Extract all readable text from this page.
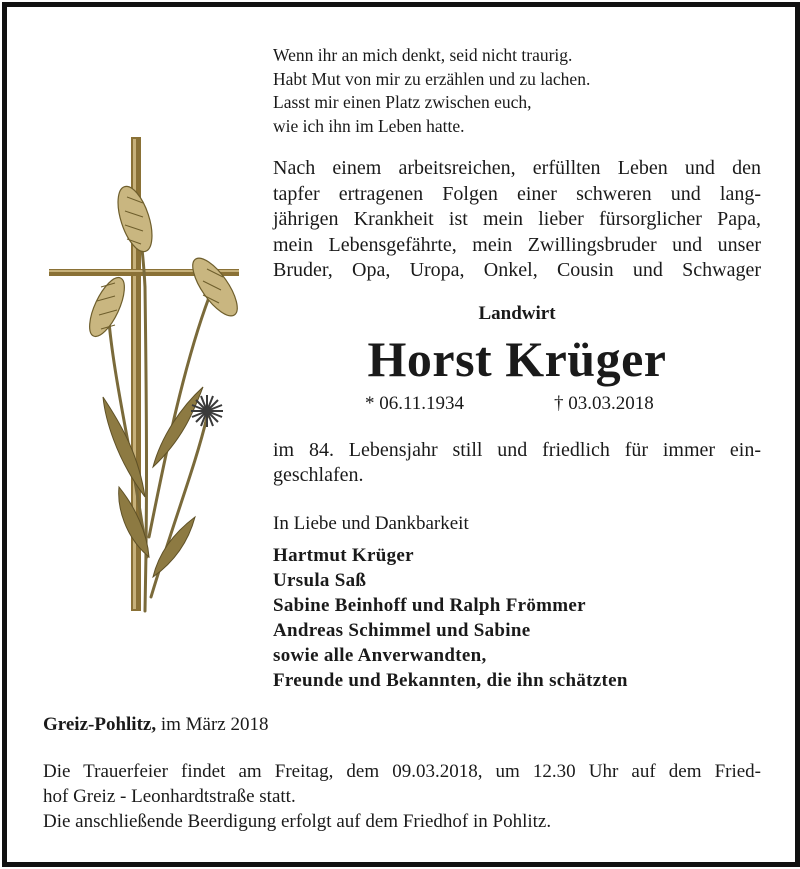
Wenn ihr an mich denkt, seid nicht traurig.
Habt Mut von mir zu erzählen und zu lachen.
Lasst mir einen Platz zwischen euch,
wie ich ihn im Leben hatte.
Nach einem arbeitsreichen, erfüllten Leben und den
tapfer ertragenen Folgen einer schweren und lang-
jährigen Krankheit ist mein lieber fürsorglicher Papa,
mein Lebensgefährte, mein Zwillingsbruder und unser
Bruder, Opa, Uropa, Onkel, Cousin und Schwager
Landwirt
Horst Krüger
* 06.11.1934	† 03.03.2018
im 84. Lebensjahr still und friedlich für immer ein-
geschlafen.
In Liebe und Dankbarkeit
Hartmut Krüger
Ursula Saß
Sabine Beinhoff und Ralph Frömmer
Andreas Schimmel und Sabine
sowie alle Anverwandten,
Freunde und Bekannten, die ihn schätzten
Greiz-Pohlitz, im März 2018
Die Trauerfeier findet am Freitag, dem 09.03.2018, um 12.30 Uhr auf dem Fried-
hof Greiz - Leonhardtstraße statt.
Die anschließende Beerdigung erfolgt auf dem Friedhof in Pohlitz.
